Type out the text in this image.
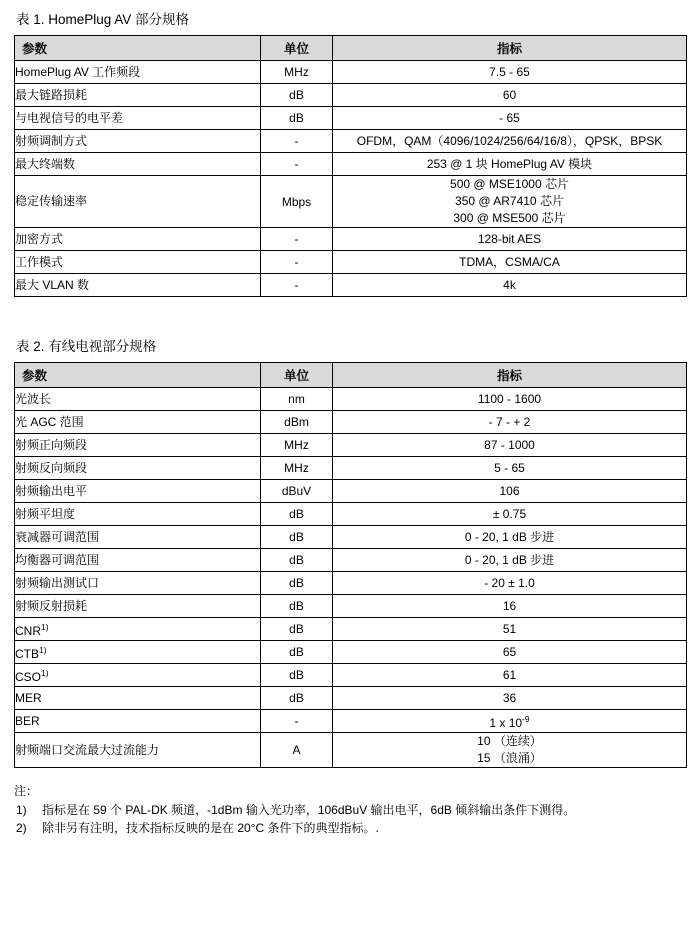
表 1. HomePlug AV 部分规格
参数	单位	指标
HomePlug AV 工作频段	MHz	7.5 - 65
最大链路损耗	dB	60
与电视信号的电平差	dB	- 65
射频调制方式	-	OFDM，QAM（4096/1024/256/64/16/8），QPSK，BPSK
最大终端数	-	253 @ 1 块 HomePlug AV 模块
稳定传输速率	Mbps	500 @ MSE1000 芯片
350 @ AR7410 芯片
300 @ MSE500 芯片

加密方式	-	128-bit AES
工作模式	-	TDMA，CSMA/CA
最大 VLAN 数	-	4k
表 2. 有线电视部分规格
参数	单位	指标
光波长	nm	1100 - 1600
光 AGC 范围	dBm	- 7 - + 2
射频正向频段	MHz	87 - 1000
射频反向频段	MHz	5 - 65
射频输出电平	dBuV	106
射频平坦度	dB	± 0.75
衰减器可调范围	dB	0 - 20, 1 dB 步进
均衡器可调范围	dB	0 - 20, 1 dB 步进
射频输出测试口	dB	- 20 ± 1.0
射频反射损耗	dB	16
CNR$^{1)}$	dB	51
CTB$^{1)}$	dB	65
CSO$^{1)}$	dB	61
MER	dB	36
BER	-	1 x $10^{-9}$
射频端口交流最大过流能力	A	10 （连续）
15 （浪涌）
注：
1)	指标是在 59 个 PAL-DK 频道，-1dBm 输入光功率，106dBuV 输出电平，6dB 倾斜输出条件下测得。
2)	除非另有注明，技术指标反映的是在 20°C 条件下的典型指标。.
